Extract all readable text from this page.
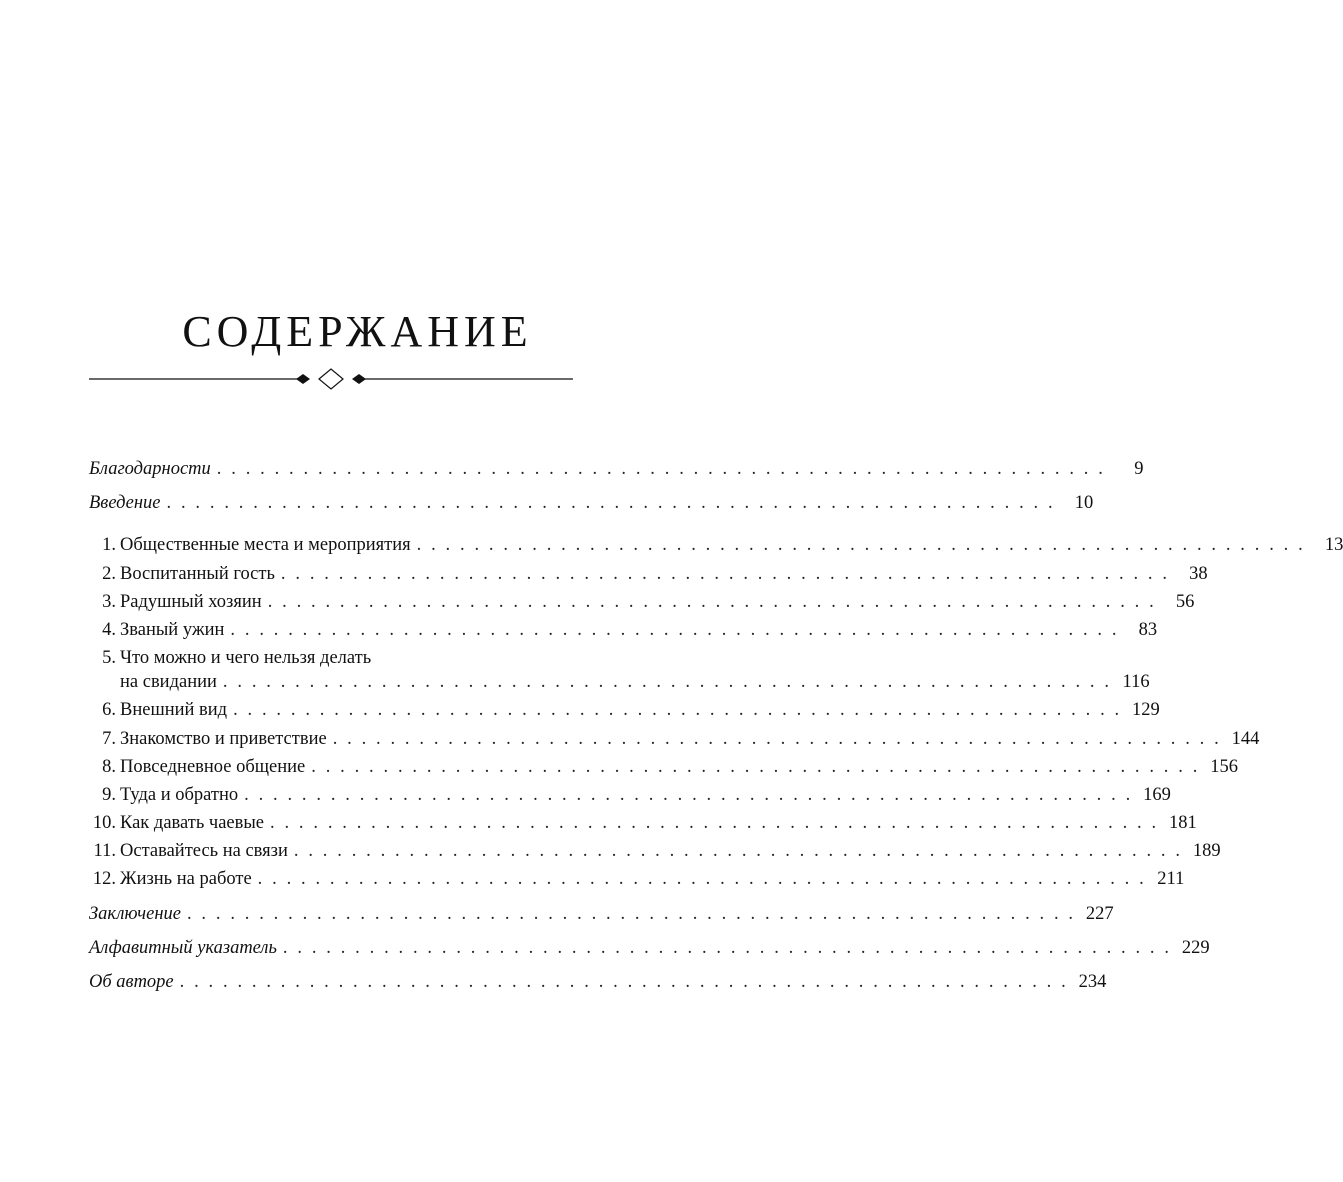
СОДЕРЖАНИЕ
Благодарности . . . . . . . . . . . . . . . . . . . . . . . . . . . . . . . . . . . . . . . . . . . . . . . . . . . . . . . . . . . . . .	9
Введение . . . . . . . . . . . . . . . . . . . . . . . . . . . . . . . . . . . . . . . . . . . . . . . . . . . . . . . . . . . . . .	10
1. Общественные места и мероприятия . . . . . . . . . . . . . . . . . . . . . . . . . . . . . . . . . . . . . . . . . . . . . . . . . . . . . . . . . . . . . .	13
2. Воспитанный гость . . . . . . . . . . . . . . . . . . . . . . . . . . . . . . . . . . . . . . . . . . . . . . . . . . . . . . . . . . . . . .	38
3. Радушный хозяин . . . . . . . . . . . . . . . . . . . . . . . . . . . . . . . . . . . . . . . . . . . . . . . . . . . . . . . . . . . . . .	56
4. Званый ужин . . . . . . . . . . . . . . . . . . . . . . . . . . . . . . . . . . . . . . . . . . . . . . . . . . . . . . . . . . . . . .	83
5. Что можно и чего нельзя делать
на свидании . . . . . . . . . . . . . . . . . . . . . . . . . . . . . . . . . . . . . . . . . . . . . . . . . . . . . . . . . . . . . . 116
6. Внешний вид . . . . . . . . . . . . . . . . . . . . . . . . . . . . . . . . . . . . . . . . . . . . . . . . . . . . . . . . . . . . . . 129
7. Знакомство и приветствие . . . . . . . . . . . . . . . . . . . . . . . . . . . . . . . . . . . . . . . . . . . . . . . . . . . . . . . . . . . . . . 144
8. Повседневное общение . . . . . . . . . . . . . . . . . . . . . . . . . . . . . . . . . . . . . . . . . . . . . . . . . . . . . . . . . . . . . . 156
9. Туда и обратно . . . . . . . . . . . . . . . . . . . . . . . . . . . . . . . . . . . . . . . . . . . . . . . . . . . . . . . . . . . . . . 169
10. Как давать чаевые . . . . . . . . . . . . . . . . . . . . . . . . . . . . . . . . . . . . . . . . . . . . . . . . . . . . . . . . . . . . . . 181
11. Оставайтесь на связи . . . . . . . . . . . . . . . . . . . . . . . . . . . . . . . . . . . . . . . . . . . . . . . . . . . . . . . . . . . . . . 189
12. Жизнь на работе . . . . . . . . . . . . . . . . . . . . . . . . . . . . . . . . . . . . . . . . . . . . . . . . . . . . . . . . . . . . . . 211
Заключение . . . . . . . . . . . . . . . . . . . . . . . . . . . . . . . . . . . . . . . . . . . . . . . . . . . . . . . . . . . . . . 227
Алфавитный указатель . . . . . . . . . . . . . . . . . . . . . . . . . . . . . . . . . . . . . . . . . . . . . . . . . . . . . . . . . . . . . . 229
Об авторе . . . . . . . . . . . . . . . . . . . . . . . . . . . . . . . . . . . . . . . . . . . . . . . . . . . . . . . . . . . . . . 234
